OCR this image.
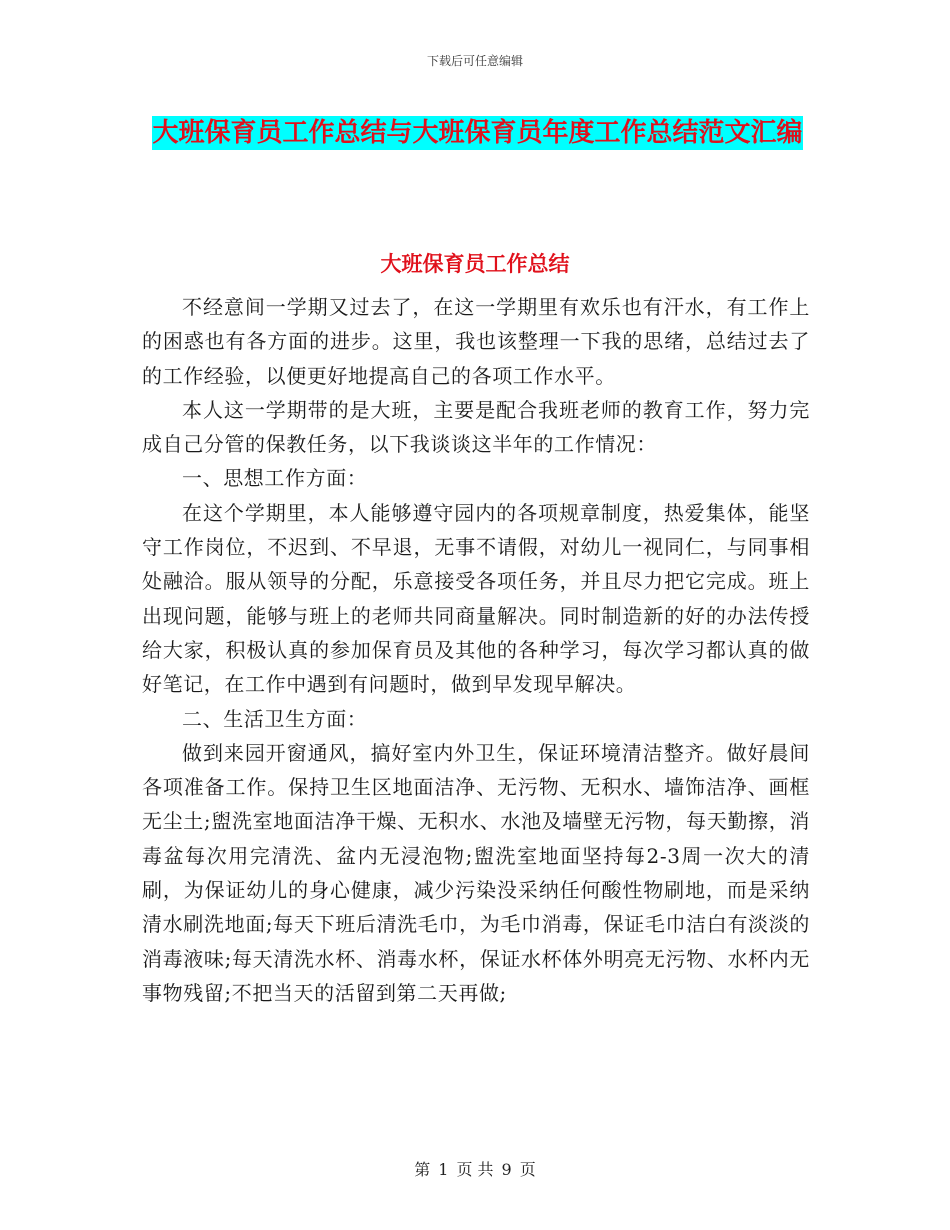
下载后可任意编辑
大班保育员工作总结与大班保育员年度工作总结范文汇编
大班保育员工作总结

不经意间一学期又过去了，在这一学期里有欢乐也有汗水，有工作上的困惑也有各方面的进步。这里，我也该整理一下我的思绪，总结过去了的工作经验，以便更好地提高自己的各项工作水平。

本人这一学期带的是大班，主要是配合我班老师的教育工作，努力完成自己分管的保教任务，以下我谈谈这半年的工作情况：

一、思想工作方面：

在这个学期里，本人能够遵守园内的各项规章制度，热爱集体，能坚守工作岗位，不迟到、不早退，无事不请假，对幼儿一视同仁，与同事相处融洽。服从领导的分配，乐意接受各项任务，并且尽力把它完成。班上出现问题，能够与班上的老师共同商量解决。同时制造新的好的办法传授给大家，积极认真的参加保育员及其他的各种学习，每次学习都认真的做好笔记，在工作中遇到有问题时，做到早发现早解决。

二、生活卫生方面：

做到来园开窗通风，搞好室内外卫生，保证环境清洁整齐。做好晨间各项准备工作。保持卫生区地面洁净、无污物、无积水、墙饰洁净、画框无尘土;盥洗室地面洁净干燥、无积水、水池及墙壁无污物，每天勤擦，消毒盆每次用完清洗、盆内无浸泡物;盥洗室地面坚持每2-3周一次大的清刷，为保证幼儿的身心健康，减少污染没采纳任何酸性物刷地，而是采纳清水刷洗地面;每天下班后清洗毛巾，为毛巾消毒，保证毛巾洁白有淡淡的消毒液味;每天清洗水杯、消毒水杯，保证水杯体外明亮无污物、水杯内无事物残留;不把当天的活留到第二天再做;

第 1 页 共 9 页
